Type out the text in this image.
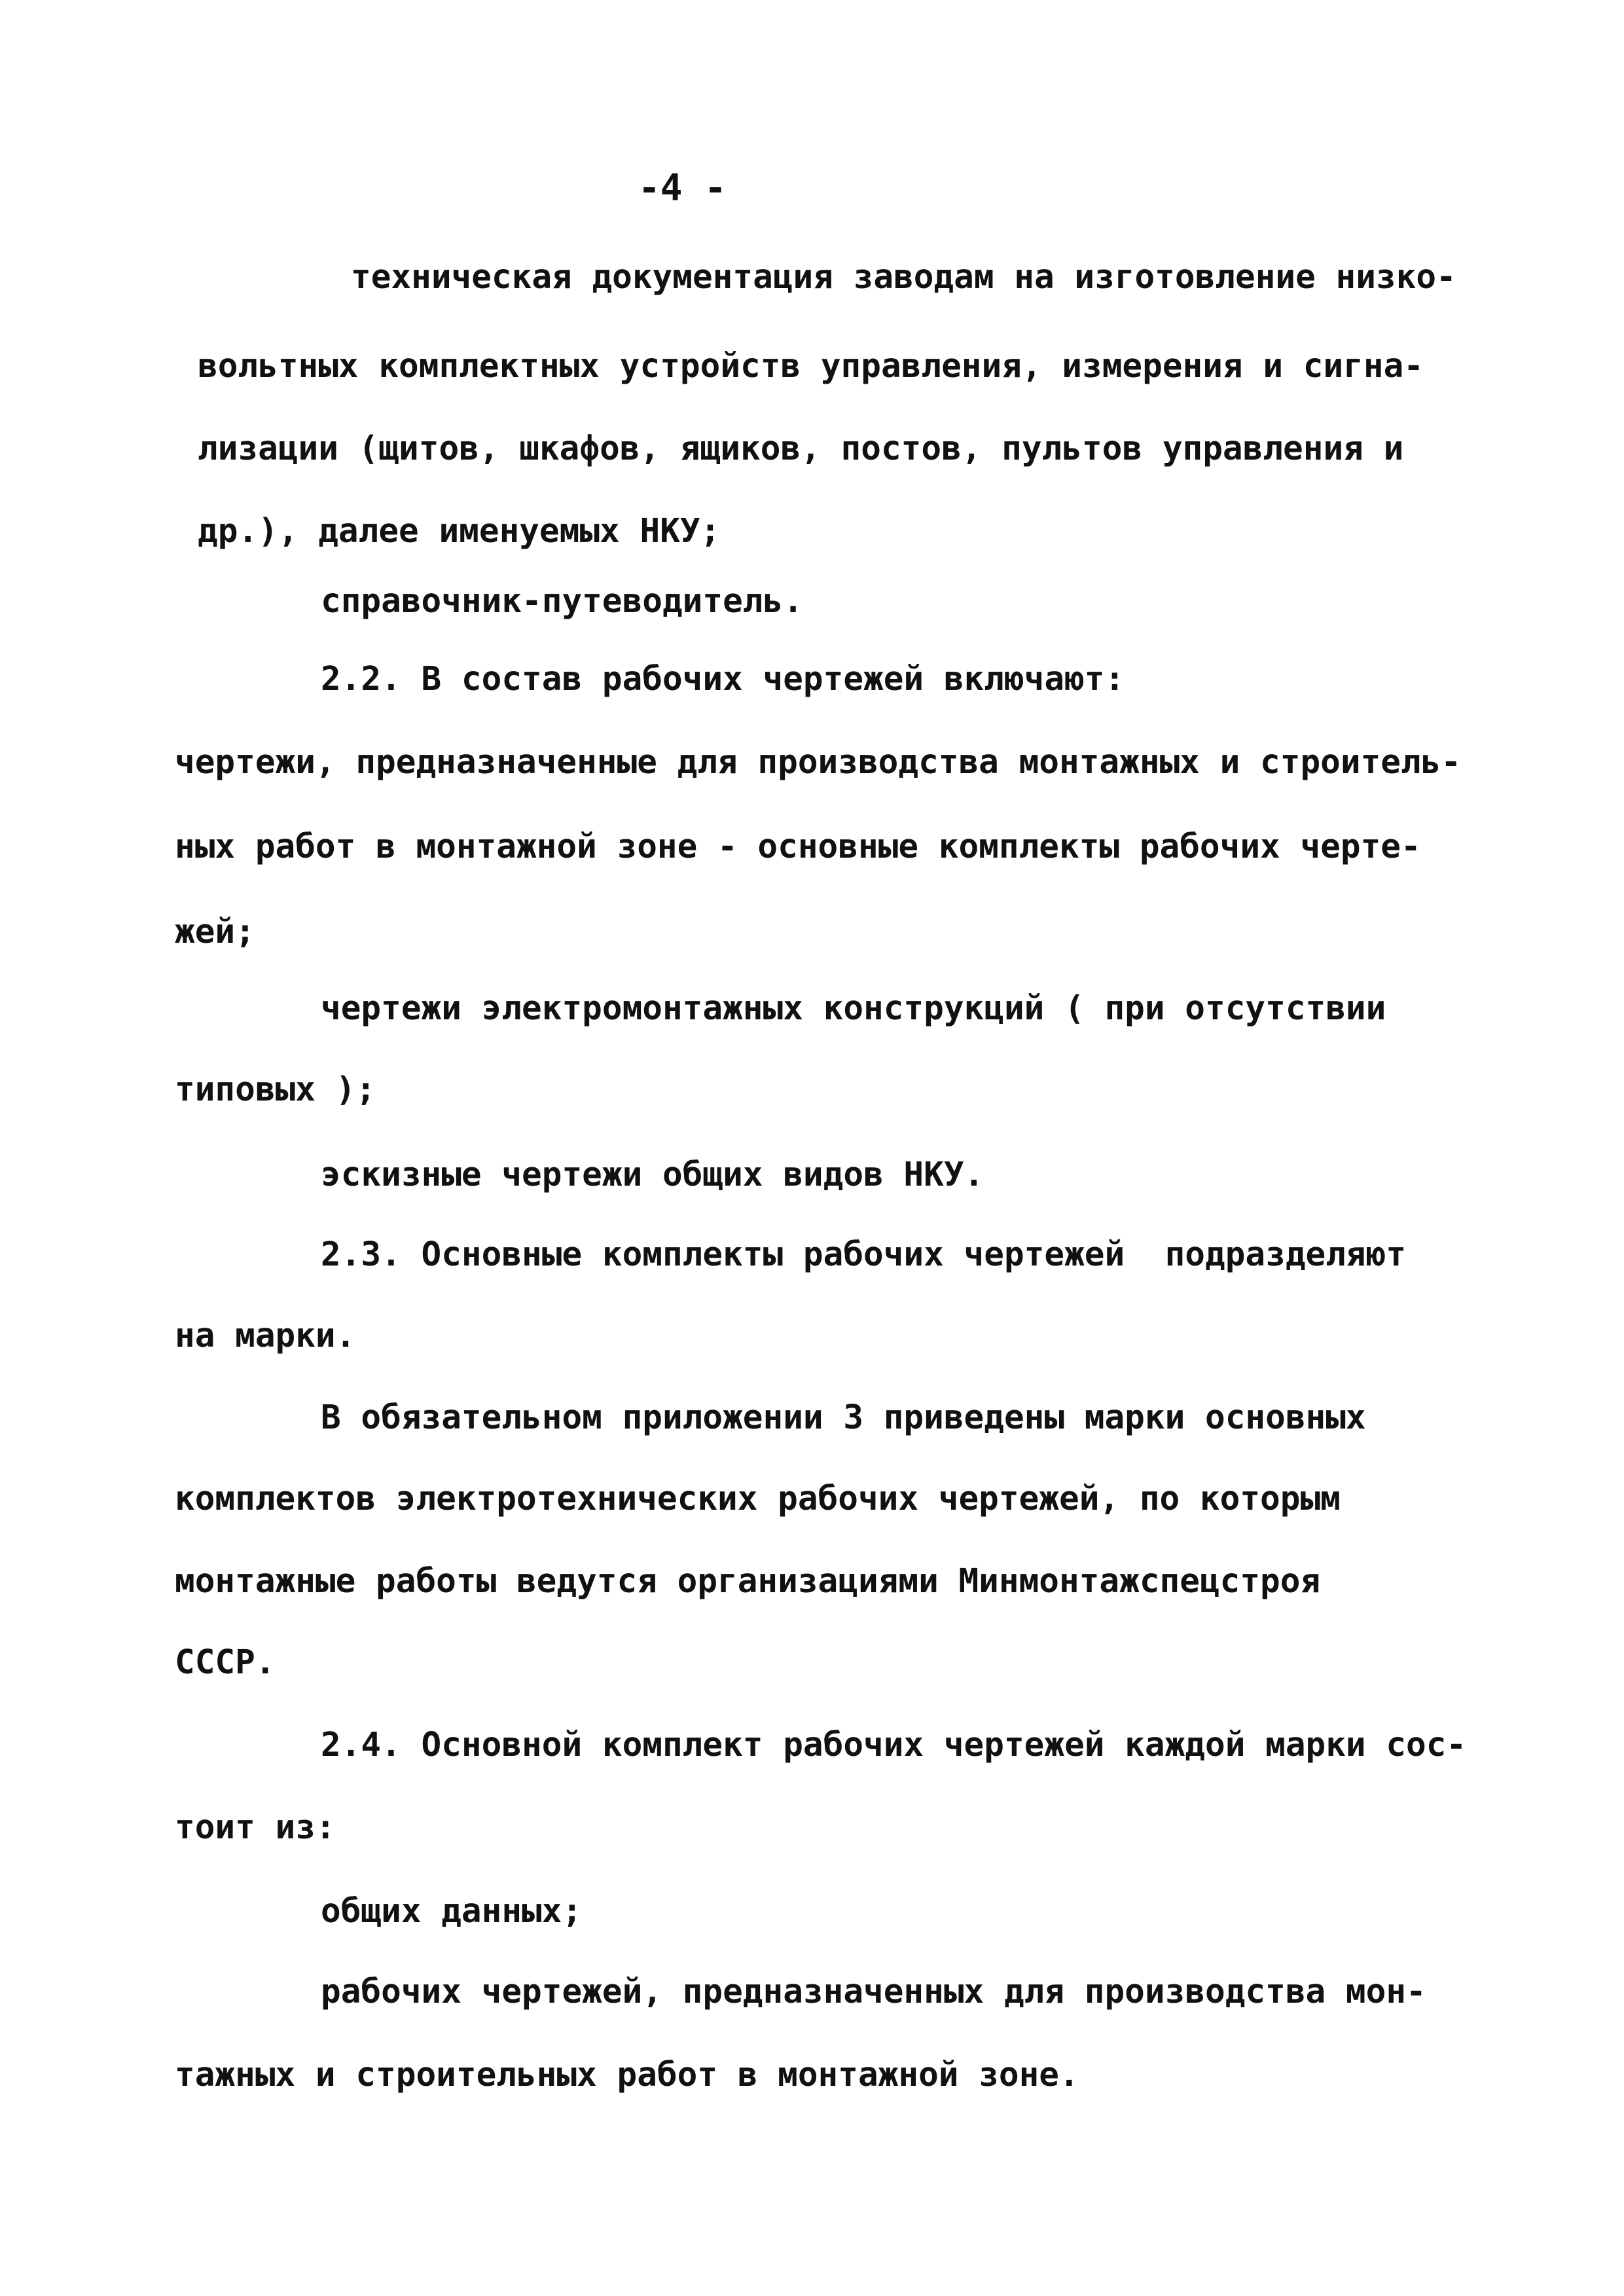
-4 -
техническая документация заводам на изготовление низко-
вольтных комплектных устройств управления, измерения и сигна-
лизации (щитов, шкафов, ящиков, постов, пультов управления и
др.), далее именуемых НКУ;
справочник-путеводитель.
2.2. В состав рабочих чертежей включают:
чертежи, предназначенные для производства монтажных и строитель-
ных работ в монтажной зоне - основные комплекты рабочих черте-
жей;
чертежи электромонтажных конструкций ( при отсутствии
типовых );
эскизные чертежи общих видов НКУ.
2.3. Основные комплекты рабочих чертежей  подразделяют
на марки.
В обязательном приложении 3 приведены марки основных
комплектов электротехнических рабочих чертежей, по которым
монтажные работы ведутся организациями Минмонтажспецстроя
СССР.
2.4. Основной комплект рабочих чертежей каждой марки сос-
тоит из:
общих данных;
рабочих чертежей, предназначенных для производства мон-
тажных и строительных работ в монтажной зоне.
